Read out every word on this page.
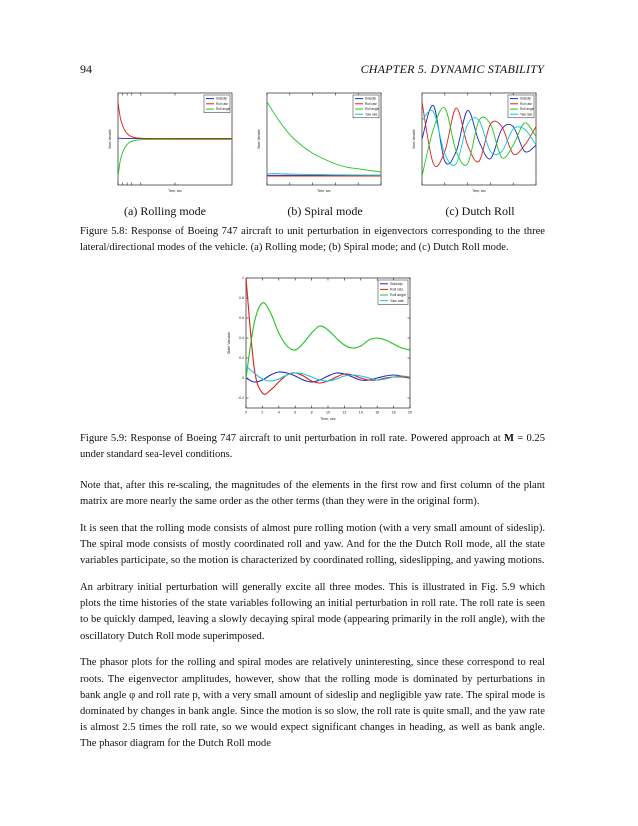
94	CHAPTER 5. DYNAMIC STABILITY
Sideslip
Roll rate
Roll angle
Time, sec
State Variable
Sideslip
Roll rate
Roll angle
Yaw rate
Time, sec
State Variable
Sideslip
Roll rate
Roll angle
Yaw rate
Time, sec
State Variable
(a) Rolling mode	(b) Spiral mode	(c) Dutch Roll
Figure 5.8: Response of Boeing 747 aircraft to unit perturbation in eigenvectors corresponding to the three lateral/directional modes of the vehicle. (a) Rolling mode; (b) Spiral mode; and (c) Dutch Roll mode.
0	2	4	6	8	10	12	14	16	18	20
-0.2
0
0.2
0.4
0.6
0.8
1
Sideslip
Roll rate
Roll angle
Yaw rate
Time, sec
State Variable
Figure 5.9: Response of Boeing 747 aircraft to unit perturbation in roll rate. Powered approach at M = 0.25 under standard sea-level conditions.

Note that, after this re-scaling, the magnitudes of the elements in the first row and first column of the plant matrix are more nearly the same order as the other terms (than they were in the original form).

It is seen that the rolling mode consists of almost pure rolling motion (with a very small amount of sideslip). The spiral mode consists of mostly coordinated roll and yaw. And for the the Dutch Roll mode, all the state variables participate, so the motion is characterized by coordinated rolling, sideslipping, and yawing motions.

An arbitrary initial perturbation will generally excite all three modes. This is illustrated in Fig. 5.9 which plots the time histories of the state variables following an initial perturbation in roll rate. The roll rate is seen to be quickly damped, leaving a slowly decaying spiral mode (appearing primarily in the roll angle), with the oscillatory Dutch Roll mode superimposed.

The phasor plots for the rolling and spiral modes are relatively uninteresting, since these correspond to real roots. The eigenvector amplitudes, however, show that the rolling mode is dominated by perturbations in bank angle φ and roll rate p, with a very small amount of sideslip and negligible yaw rate. The spiral mode is dominated by changes in bank angle. Since the motion is so slow, the roll rate is quite small, and the yaw rate is almost 2.5 times the roll rate, so we would expect significant changes in heading, as well as bank angle. The phasor diagram for the Dutch Roll mode
